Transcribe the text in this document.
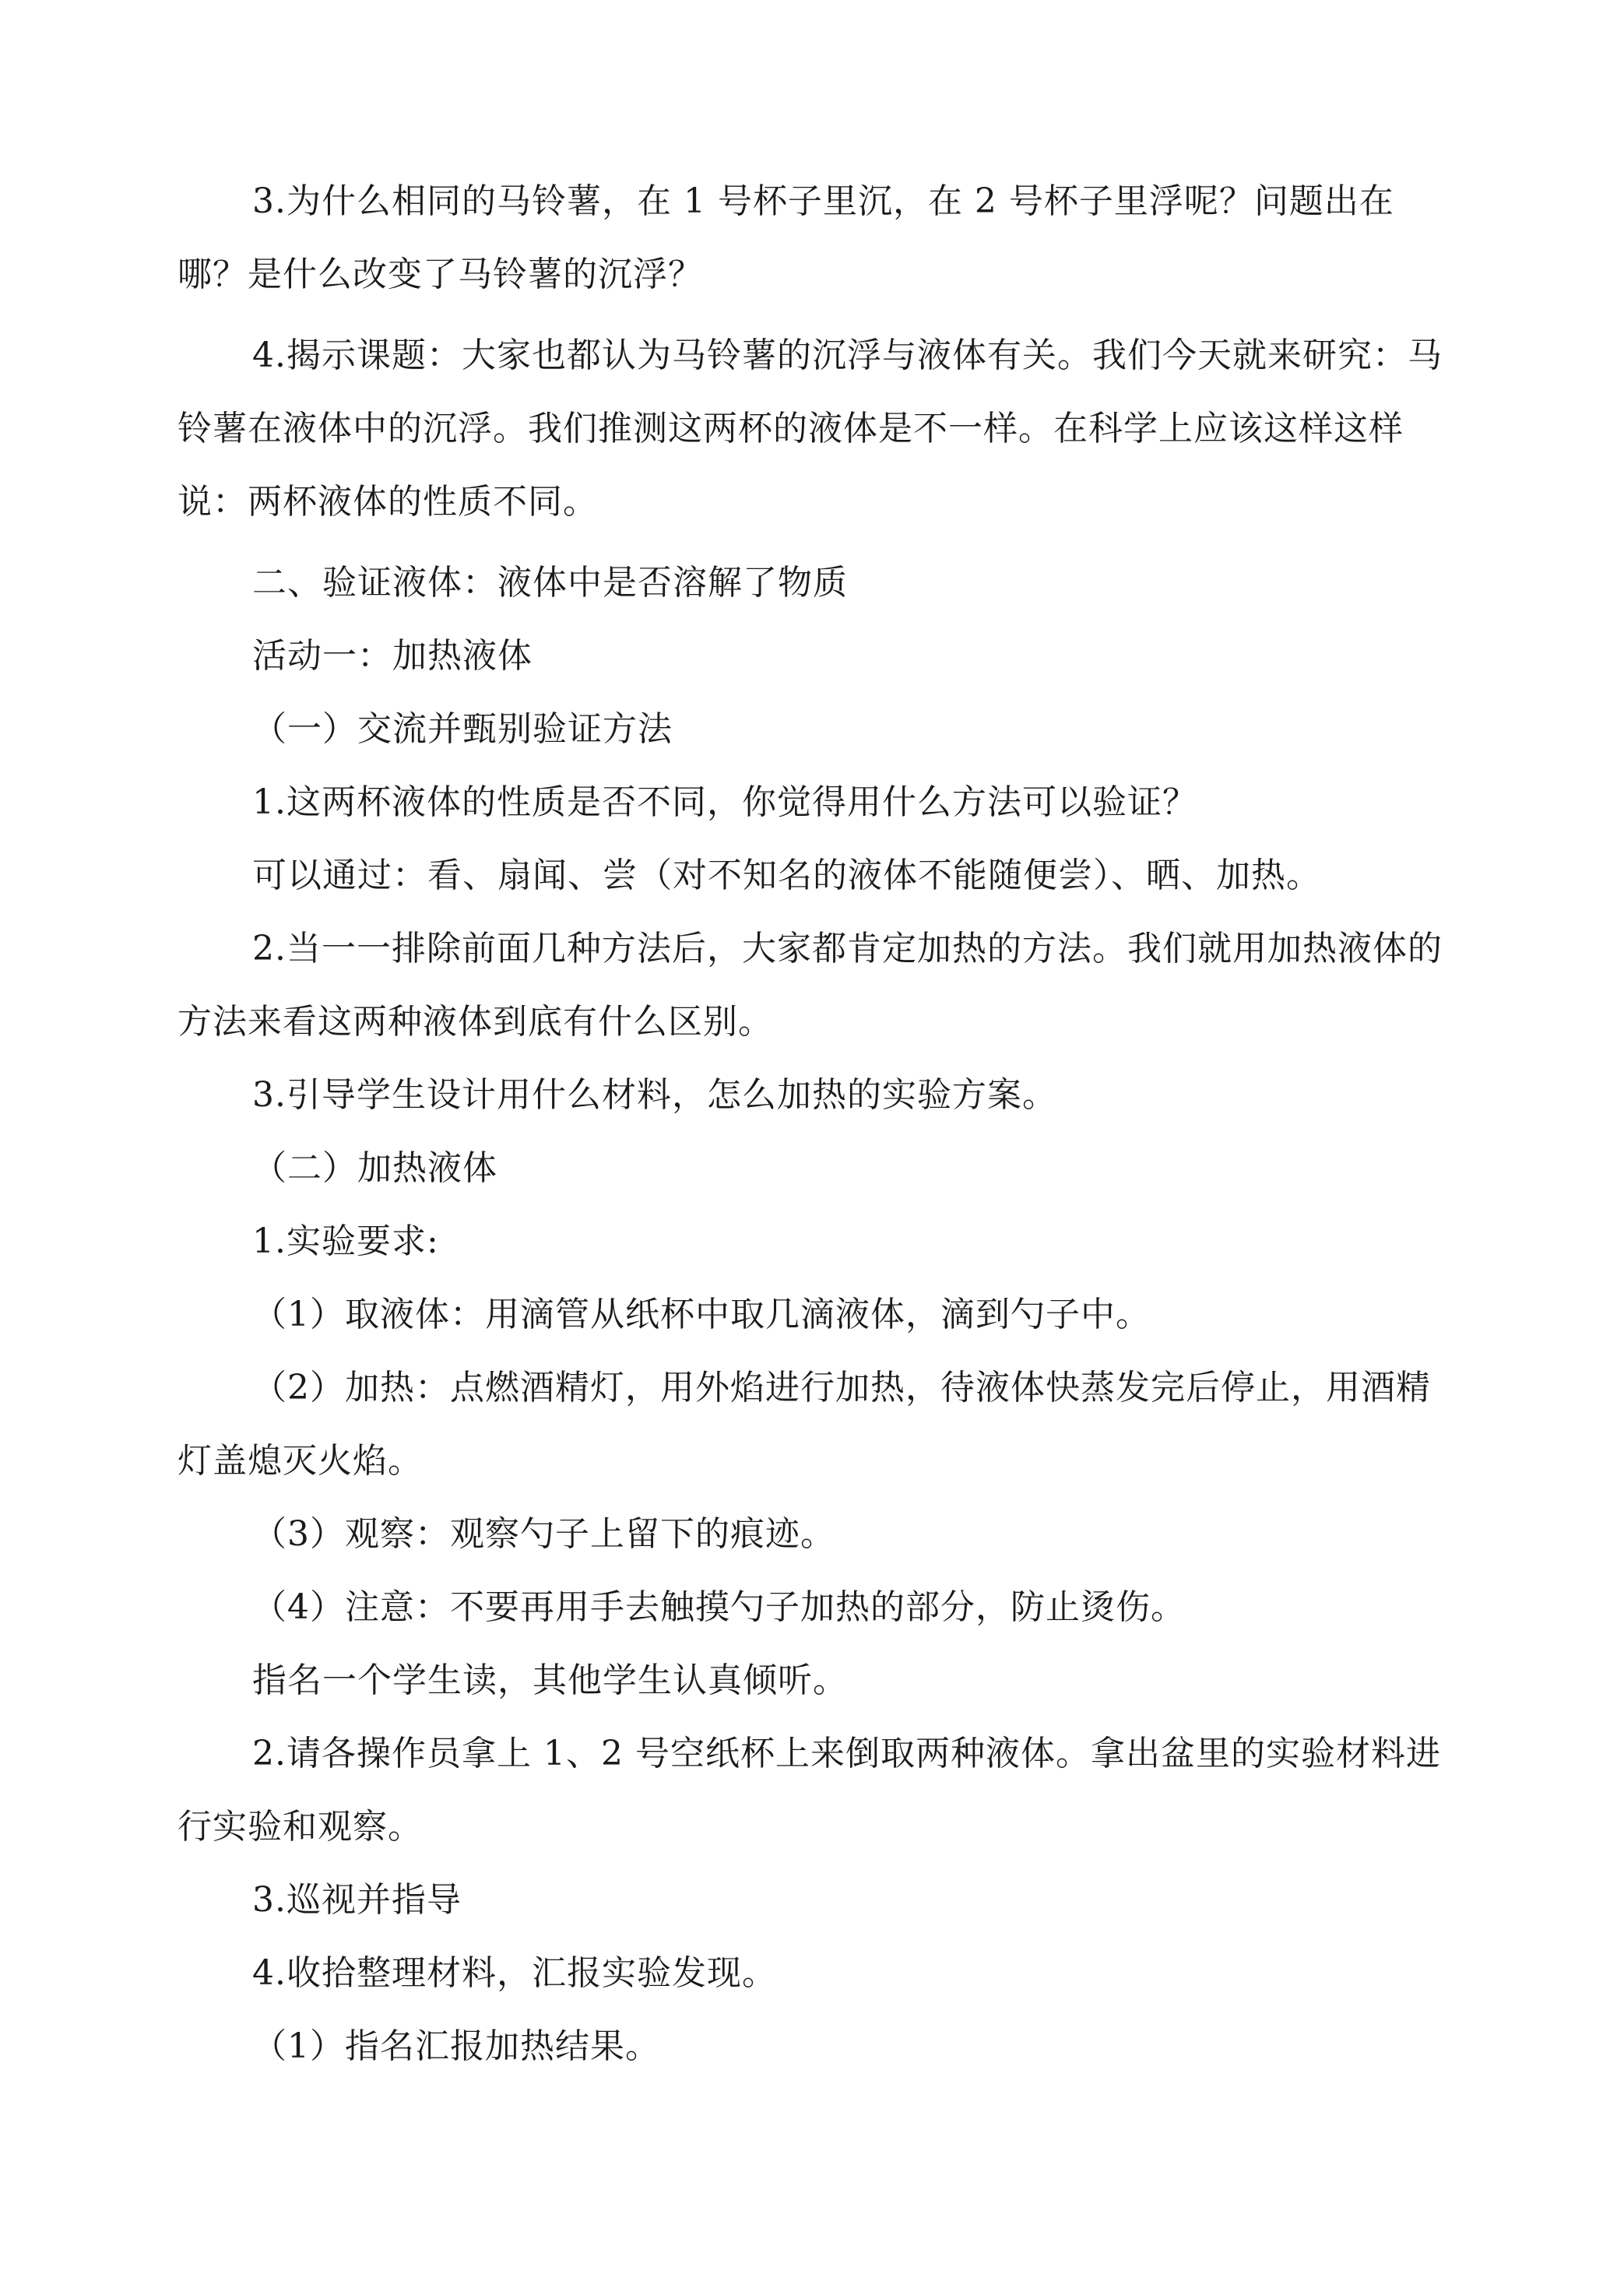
3.为什么相同的马铃薯，在 1 号杯子里沉，在 2 号杯子里浮呢？问题出在哪？是什么改变了马铃薯的沉浮？

4.揭示课题：大家也都认为马铃薯的沉浮与液体有关。我们今天就来研究：马铃薯在液体中的沉浮。我们推测这两杯的液体是不一样。在科学上应该这样这样说：两杯液体的性质不同。

二、验证液体：液体中是否溶解了物质

活动一：加热液体

（一）交流并甄别验证方法

1.这两杯液体的性质是否不同，你觉得用什么方法可以验证？

可以通过：看、扇闻、尝（对不知名的液体不能随便尝）、晒、加热。

2.当一一排除前面几种方法后，大家都肯定加热的方法。我们就用加热液体的方法来看这两种液体到底有什么区别。

3.引导学生设计用什么材料，怎么加热的实验方案。

（二）加热液体

1.实验要求:

（1）取液体：用滴管从纸杯中取几滴液体，滴到勺子中。

（2）加热：点燃酒精灯，用外焰进行加热，待液体快蒸发完后停止，用酒精灯盖熄灭火焰。

（3）观察：观察勺子上留下的痕迹。

（4）注意：不要再用手去触摸勺子加热的部分，防止烫伤。

指名一个学生读，其他学生认真倾听。

2.请各操作员拿上 1、2 号空纸杯上来倒取两种液体。拿出盆里的实验材料进行实验和观察。

3.巡视并指导

4.收拾整理材料，汇报实验发现。

（1）指名汇报加热结果。
